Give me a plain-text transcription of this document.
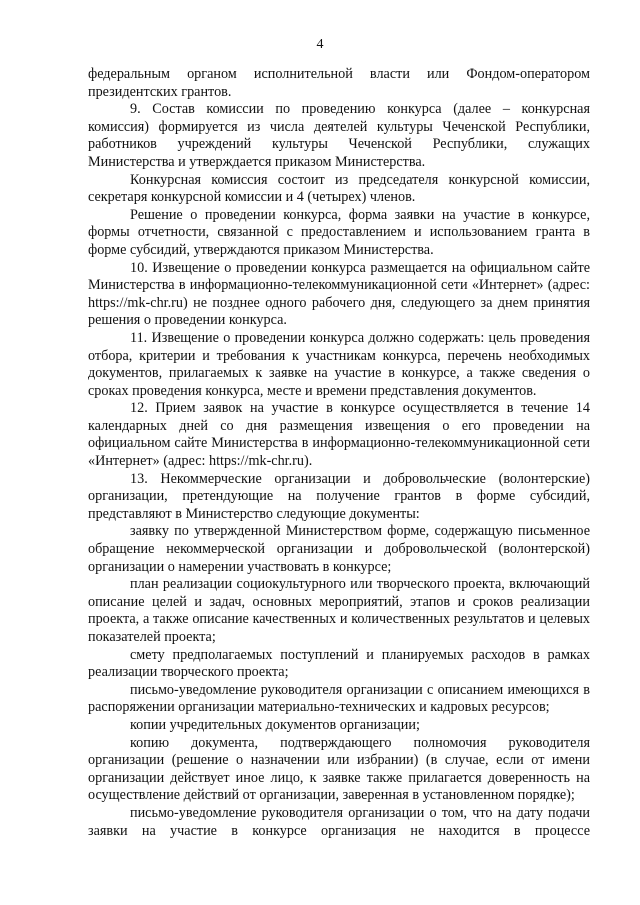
4

федеральным органом исполнительной власти или Фондом-оператором президентских грантов.

9. Состав комиссии по проведению конкурса (далее – конкурсная комиссия) формируется из числа деятелей культуры Чеченской Республики, работников учреждений культуры Чеченской Республики, служащих Министерства и утверждается приказом Министерства.

Конкурсная комиссия состоит из председателя конкурсной комиссии, секретаря конкурсной комиссии и 4 (четырех) членов.

Решение о проведении конкурса, форма заявки на участие в конкурсе, формы отчетности, связанной с предоставлением и использованием гранта в форме субсидий, утверждаются приказом Министерства.

10. Извещение о проведении конкурса размещается на официальном сайте Министерства в информационно-телекоммуникационной сети «Интернет» (адрес: https://mk-chr.ru) не позднее одного рабочего дня, следующего за днем принятия решения о проведении конкурса.

11. Извещение о проведении конкурса должно содержать: цель проведения отбора, критерии и требования к участникам конкурса, перечень необходимых документов, прилагаемых к заявке на участие в конкурсе, а также сведения о сроках проведения конкурса, месте и времени представления документов.

12. Прием заявок на участие в конкурсе осуществляется в течение 14 календарных дней со дня размещения извещения о его проведении на официальном сайте Министерства в информационно-телекоммуникационной сети «Интернет» (адрес: https://mk-chr.ru).

13. Некоммерческие организации и добровольческие (волонтерские) организации, претендующие на получение грантов в форме субсидий, представляют в Министерство следующие документы:

заявку по утвержденной Министерством форме, содержащую письменное обращение некоммерческой организации и добровольческой (волонтерской) организации о намерении участвовать в конкурсе;

план реализации социокультурного или творческого проекта, включающий описание целей и задач, основных мероприятий, этапов и сроков реализации проекта, а также описание качественных и количественных результатов и целевых показателей проекта;

смету предполагаемых поступлений и планируемых расходов в рамках реализации творческого проекта;

письмо-уведомление руководителя организации с описанием имеющихся в распоряжении организации материально-технических и кадровых ресурсов;

копии учредительных документов организации;

копию документа, подтверждающего полномочия руководителя организации (решение о назначении или избрании) (в случае, если от имени организации действует иное лицо, к заявке также прилагается доверенность на осуществление действий от организации, заверенная в установленном порядке);

письмо-уведомление руководителя организации о том, что на дату подачи заявки на участие в конкурсе организация не находится в процессе
